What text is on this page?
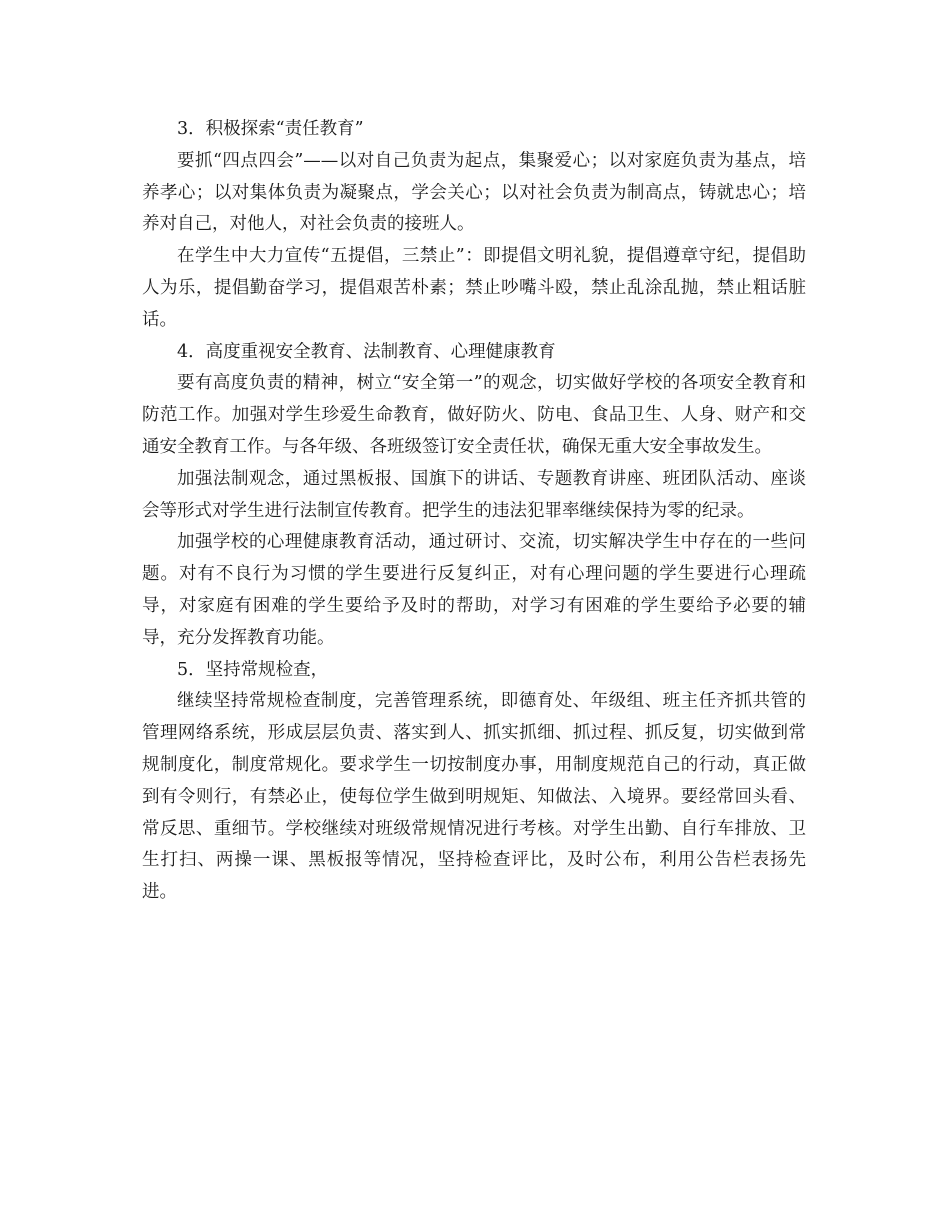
3．积极探索“责任教育”

要抓“四点四会”——以对自己负责为起点，集聚爱心；以对家庭负责为基点，培养孝心；以对集体负责为凝聚点，学会关心；以对社会负责为制高点，铸就忠心；培养对自己，对他人，对社会负责的接班人。

在学生中大力宣传“五提倡，三禁止”：即提倡文明礼貌，提倡遵章守纪，提倡助人为乐，提倡勤奋学习，提倡艰苦朴素；禁止吵嘴斗殴，禁止乱涂乱抛，禁止粗话脏话。

4．高度重视安全教育、法制教育、心理健康教育

要有高度负责的精神，树立“安全第一”的观念，切实做好学校的各项安全教育和防范工作。加强对学生珍爱生命教育，做好防火、防电、食品卫生、人身、财产和交通安全教育工作。与各年级、各班级签订安全责任状，确保无重大安全事故发生。

加强法制观念，通过黑板报、国旗下的讲话、专题教育讲座、班团队活动、座谈会等形式对学生进行法制宣传教育。把学生的违法犯罪率继续保持为零的纪录。

加强学校的心理健康教育活动，通过研讨、交流，切实解决学生中存在的一些问题。对有不良行为习惯的学生要进行反复纠正，对有心理问题的学生要进行心理疏导，对家庭有困难的学生要给予及时的帮助，对学习有困难的学生要给予必要的辅导，充分发挥教育功能。

5．坚持常规检查，

继续坚持常规检查制度，完善管理系统，即德育处、年级组、班主任齐抓共管的管理网络系统，形成层层负责、落实到人、抓实抓细、抓过程、抓反复，切实做到常规制度化，制度常规化。要求学生一切按制度办事，用制度规范自己的行动，真正做到有令则行，有禁必止，使每位学生做到明规矩、知做法、入境界。要经常回头看、常反思、重细节。学校继续对班级常规情况进行考核。对学生出勤、自行车排放、卫生打扫、两操一课、黑板报等情况，坚持检查评比，及时公布，利用公告栏表扬先进。
